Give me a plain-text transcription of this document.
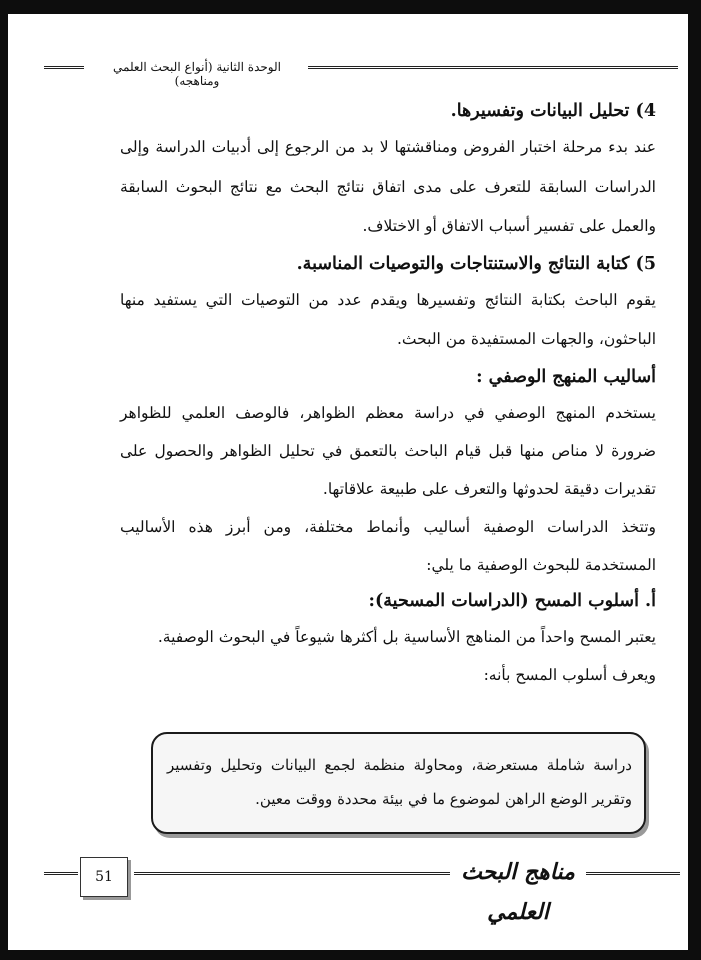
الوحدة الثانية (أنواع البحث العلمي ومناهجه)

4) تحليل البيانات وتفسيرها.

عند بدء مرحلة اختبار الفروض ومناقشتها لا بد من الرجوع إلى أدبيات الدراسة وإلى الدراسات السابقة للتعرف على مدى اتفاق نتائج البحث مع نتائج البحوث السابقة والعمل على تفسير أسباب الاتفاق أو الاختلاف.

5) كتابة النتائج والاستنتاجات والتوصيات المناسبة.

يقوم الباحث بكتابة النتائج وتفسيرها ويقدم عدد من التوصيات التي يستفيد منها الباحثون، والجهات المستفيدة من البحث.

أساليب المنهج الوصفي :

يستخدم المنهج الوصفي في دراسة معظم الظواهر، فالوصف العلمي للظواهر ضرورة لا مناص منها قبل قيام الباحث بالتعمق في تحليل الظواهر والحصول على تقديرات دقيقة لحدوثها والتعرف على طبيعة علاقاتها.

وتتخذ الدراسات الوصفية أساليب وأنماط مختلفة، ومن أبرز هذه الأساليب المستخدمة للبحوث الوصفية ما يلي:

أ. أسلوب المسح (الدراسات المسحية):

يعتبر المسح واحداً من المناهج الأساسية بل أكثرها شيوعاً في البحوث الوصفية.

ويعرف أسلوب المسح بأنه:

دراسة شاملة مستعرضة، ومحاولة منظمة لجمع البيانات وتحليل وتفسير وتقرير الوضع الراهن لموضوع ما في بيئة محددة ووقت معين.

51	مناهج البحث العلمي
